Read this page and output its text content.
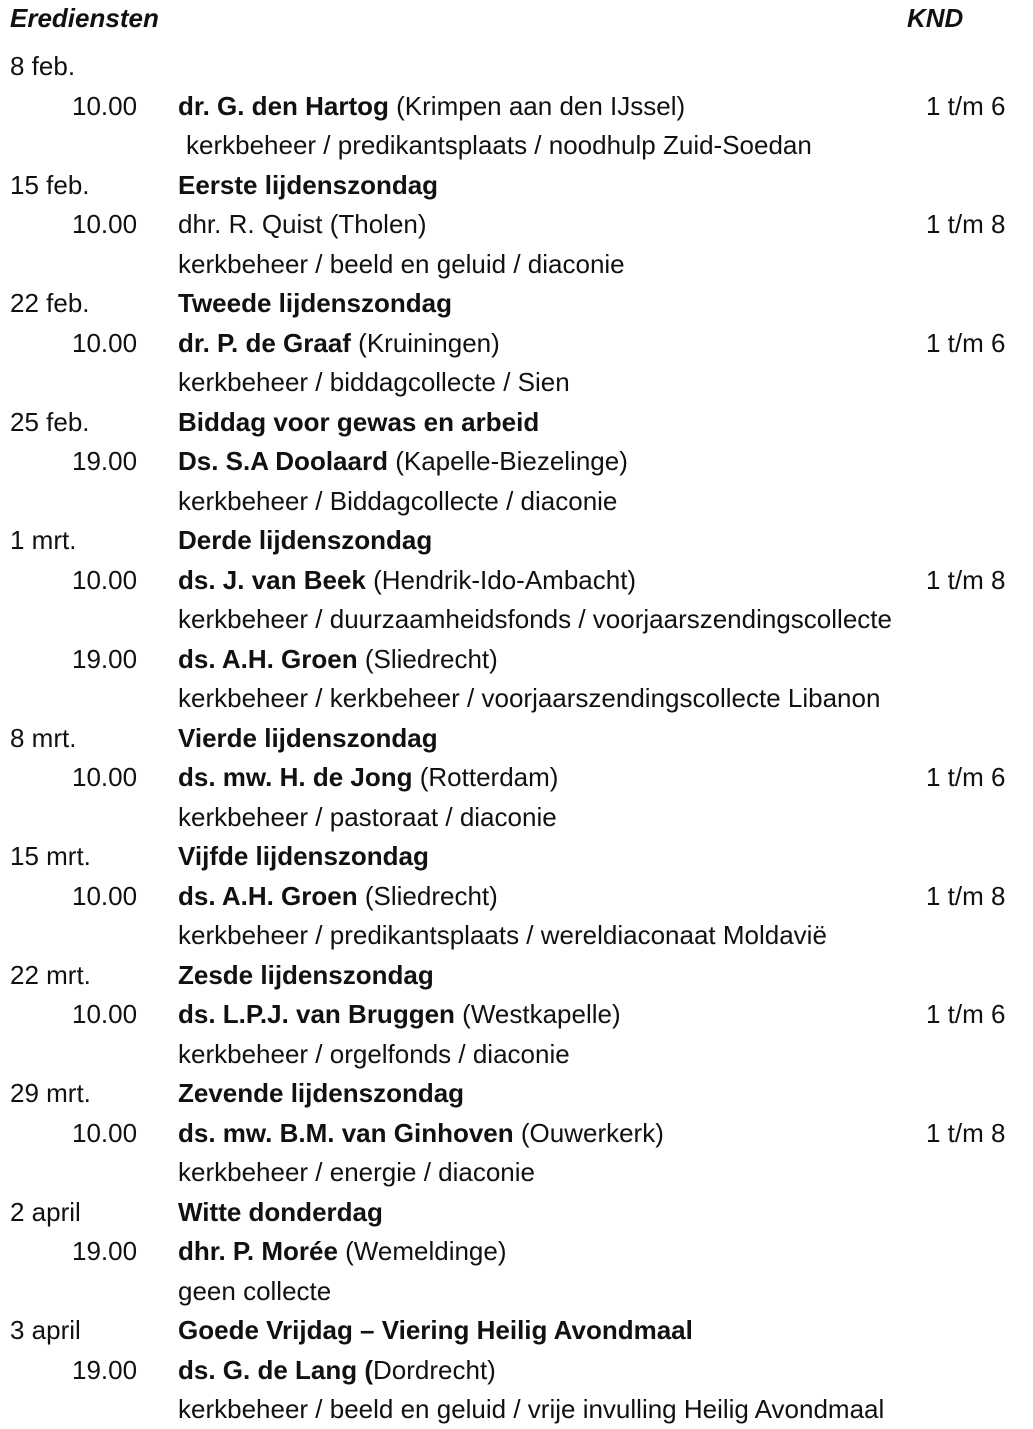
Erediensten	KND
8 feb.
10.00 dr. G. den Hartog (Krimpen aan den IJssel)	1 t/m 6
kerkbeheer / predikantsplaats / noodhulp Zuid-Soedan
15 feb.	Eerste lijdenszondag
10.00 dhr. R. Quist (Tholen)	1 t/m 8
kerkbeheer / beeld en geluid / diaconie
22 feb.	Tweede lijdenszondag
10.00 dr. P. de Graaf (Kruiningen)	1 t/m 6
kerkbeheer / biddagcollecte / Sien
25 feb.	Biddag voor gewas en arbeid
19.00 Ds. S.A Doolaard (Kapelle-Biezelinge)
kerkbeheer / Biddagcollecte / diaconie
1 mrt.	Derde lijdenszondag
10.00 ds. J. van Beek (Hendrik-Ido-Ambacht)	1 t/m 8
kerkbeheer / duurzaamheidsfonds / voorjaarszendingscollecte
19.00 ds. A.H. Groen (Sliedrecht)
kerkbeheer / kerkbeheer / voorjaarszendingscollecte Libanon
8 mrt.	Vierde lijdenszondag
10.00 ds. mw. H. de Jong (Rotterdam)	1 t/m 6
kerkbeheer / pastoraat / diaconie
15 mrt.	Vijfde lijdenszondag
10.00 ds. A.H. Groen (Sliedrecht)	1 t/m 8
kerkbeheer / predikantsplaats / wereldiaconaat Moldavië
22 mrt.	Zesde lijdenszondag
10.00 ds. L.P.J. van Bruggen (Westkapelle)	1 t/m 6
kerkbeheer / orgelfonds / diaconie
29 mrt.	Zevende lijdenszondag
10.00 ds. mw. B.M. van Ginhoven (Ouwerkerk)	1 t/m 8
kerkbeheer / energie / diaconie
2 april	Witte donderdag
19.00 dhr. P. Morée (Wemeldinge)
geen collecte
3 april	Goede Vrijdag – Viering Heilig Avondmaal
19.00 ds. G. de Lang (Dordrecht)
kerkbeheer / beeld en geluid / vrije invulling Heilig Avondmaal
